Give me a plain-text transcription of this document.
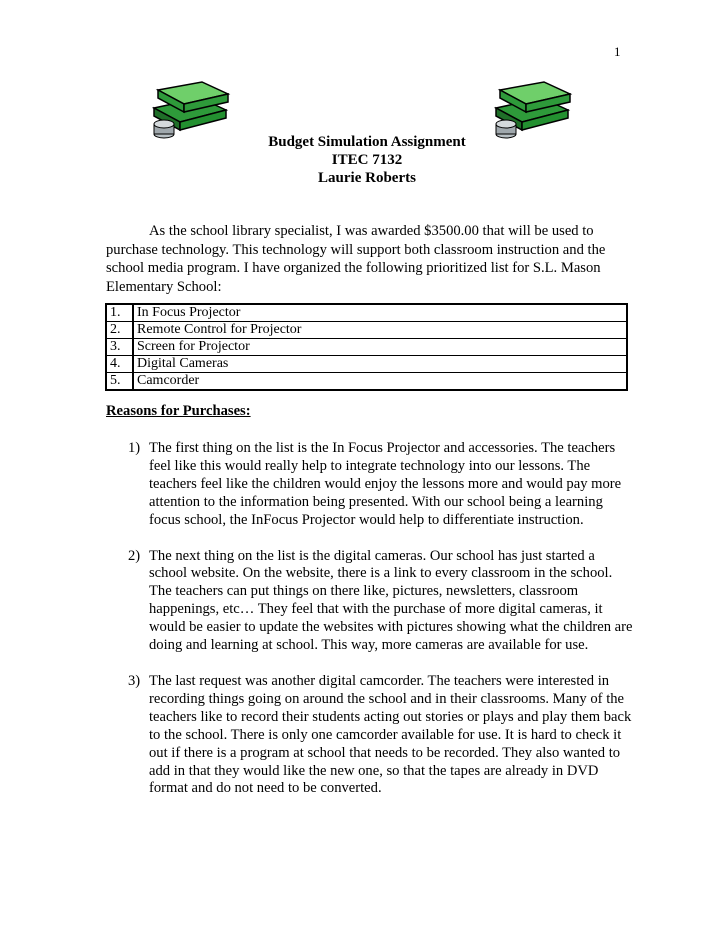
1
Budget Simulation Assignment
ITEC 7132
Laurie Roberts

As the school library specialist, I was awarded $3500.00 that will be used to purchase technology. This technology will support both classroom instruction and the school media program. I have organized the following prioritized list for S.L. Mason Elementary School:

1.	In Focus Projector
2.	Remote Control for Projector
3.	Screen for Projector
4.	Digital Cameras
5.	Camcorder
Reasons for Purchases:
1) The first thing on the list is the In Focus Projector and accessories. The teachers feel like this would really help to integrate technology into our lessons. The teachers feel like the children would enjoy the lessons more and would pay more attention to the information being presented. With our school being a learning focus school, the InFocus Projector would help to differentiate instruction.
2) The next thing on the list is the digital cameras. Our school has just started a school website. On the website, there is a link to every classroom in the school. The teachers can put things on there like, pictures, newsletters, classroom happenings, etc… They feel that with the purchase of more digital cameras, it would be easier to update the websites with pictures showing what the children are doing and learning at school. This way, more cameras are available for use.
3) The last request was another digital camcorder. The teachers were interested in recording things going on around the school and in their classrooms. Many of the teachers like to record their students acting out stories or plays and play them back to the school. There is only one camcorder available for use. It is hard to check it out if there is a program at school that needs to be recorded. They also wanted to add in that they would like the new one, so that the tapes are already in DVD format and do not need to be converted.
